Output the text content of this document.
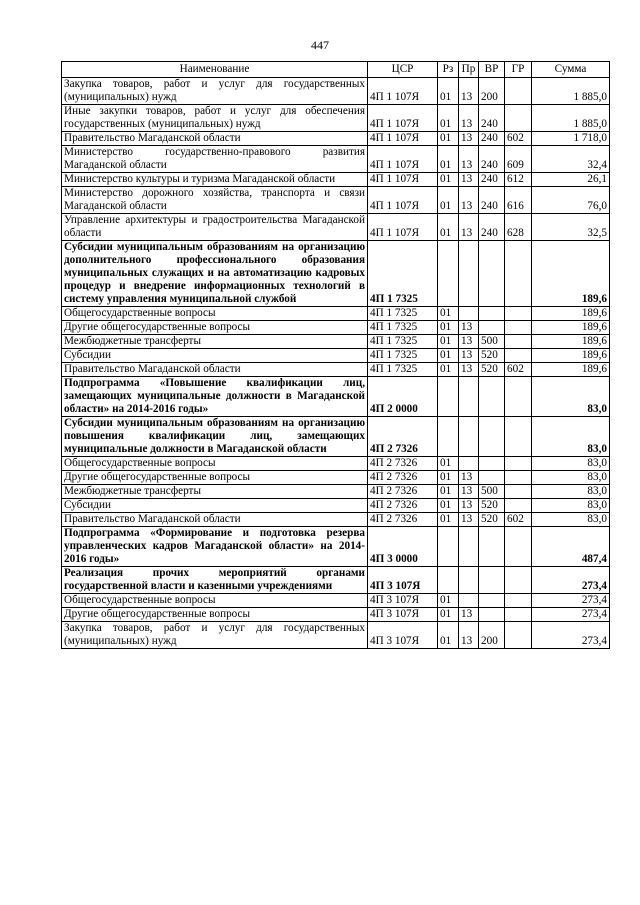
447
Наименование	ЦСР	Рз	Пр	ВР	ГР	Сумма
Закупка товаров, работ и услуг для государственных (муниципальных) нужд	4П 1 107Я	01	13	200		1 885,0
Иные закупки товаров, работ и услуг для обеспечения государственных (муниципальных) нужд	4П 1 107Я	01	13	240		1 885,0
Правительство Магаданской области	4П 1 107Я	01	13	240	602	1 718,0
Министерство государственно-правового развития Магаданской области	4П 1 107Я	01	13	240	609	32,4
Министерство культуры и туризма Магаданской области	4П 1 107Я	01	13	240	612	26,1
Министерство дорожного хозяйства, транспорта и связи Магаданской области	4П 1 107Я	01	13	240	616	76,0
Управление архитектуры и градостроительства Магаданской области	4П 1 107Я	01	13	240	628	32,5
Субсидии муниципальным образованиям на организацию дополнительного профессионального образования муниципальных служащих и на автоматизацию кадровых процедур и внедрение информационных технологий в систему управления муниципальной службой	4П 1 7325					189,6
Общегосударственные вопросы	4П 1 7325	01				189,6
Другие общегосударственные вопросы	4П 1 7325	01	13			189,6
Межбюджетные трансферты	4П 1 7325	01	13	500		189,6
Субсидии	4П 1 7325	01	13	520		189,6
Правительство Магаданской области	4П 1 7325	01	13	520	602	189,6
Подпрограмма «Повышение квалификации лиц, замещающих муниципальные должности в Магаданской области» на 2014-2016 годы»	4П 2 0000					83,0
Субсидии муниципальным образованиям на организацию повышения квалификации лиц, замещающих муниципальные должности в Магаданской области	4П 2 7326					83,0
Общегосударственные вопросы	4П 2 7326	01				83,0
Другие общегосударственные вопросы	4П 2 7326	01	13			83,0
Межбюджетные трансферты	4П 2 7326	01	13	500		83,0
Субсидии	4П 2 7326	01	13	520		83,0
Правительство Магаданской области	4П 2 7326	01	13	520	602	83,0
Подпрограмма «Формирование и подготовка резерва управленческих кадров Магаданской области» на 2014-2016 годы»	4П 3 0000					487,4
Реализация прочих мероприятий органами государственной власти и казенными учреждениями	4П 3 107Я					273,4
Общегосударственные вопросы	4П 3 107Я	01				273,4
Другие общегосударственные вопросы	4П 3 107Я	01	13			273,4
Закупка товаров, работ и услуг для государственных (муниципальных) нужд	4П 3 107Я	01	13	200		273,4
